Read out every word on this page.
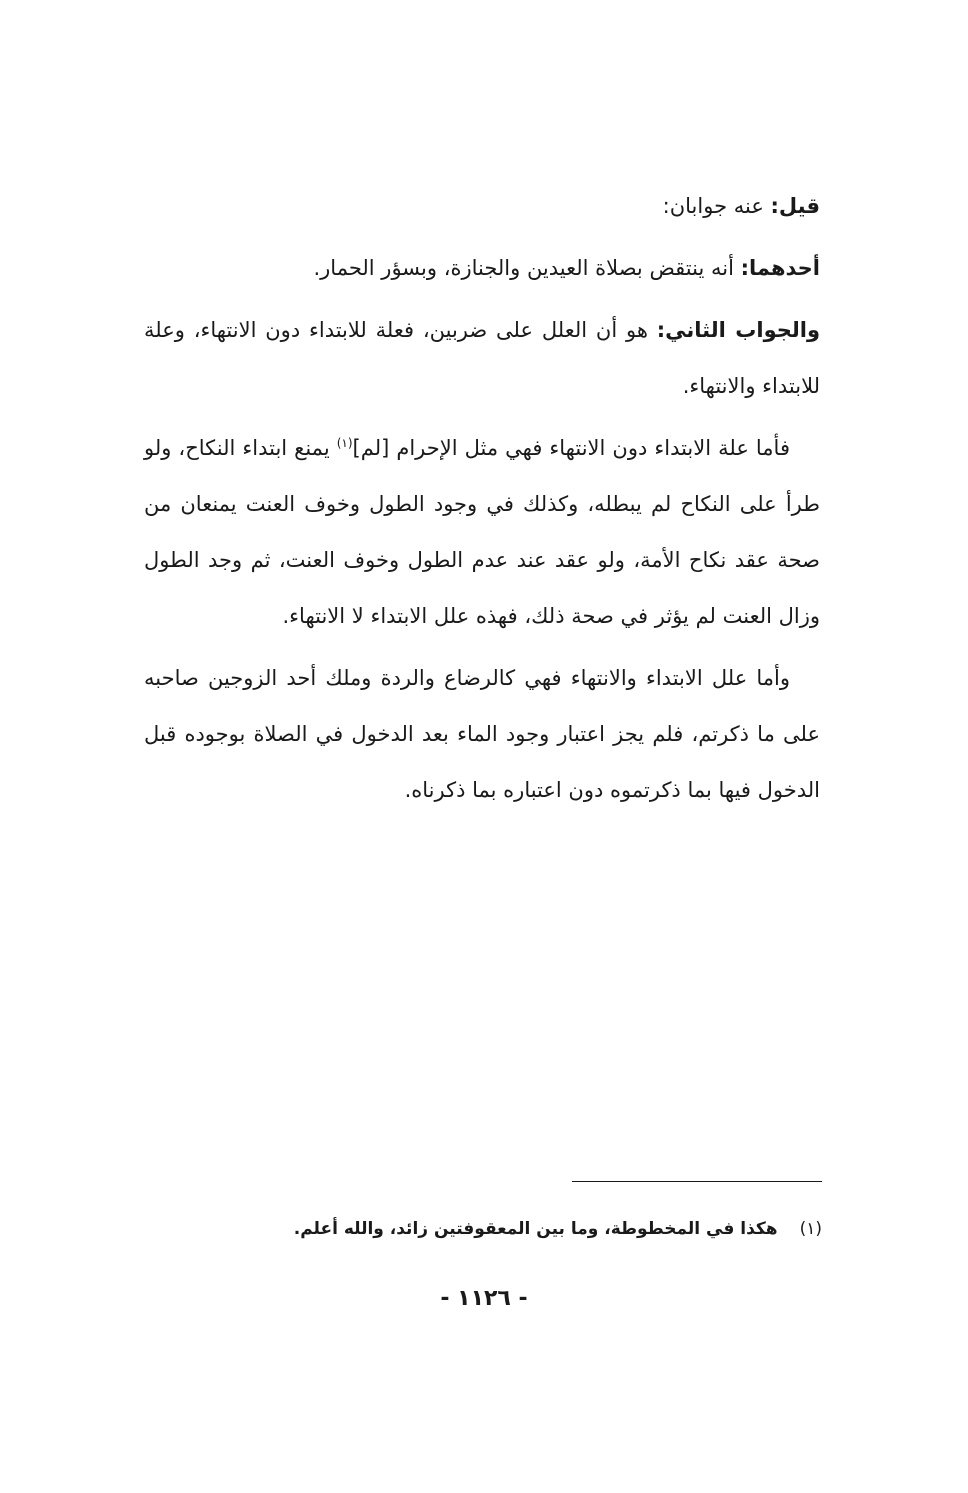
قيل: عنه جوابان:

أحدهما: أنه ينتقض بصلاة العيدين والجنازة، وبسؤر الحمار.

والجواب الثاني: هو أن العلل على ضربين، فعلة للابتداء دون الانتهاء، وعلة للابتداء والانتهاء.

فأما علة الابتداء دون الانتهاء فهي مثل الإحرام [لم]$^{(١)}$ يمنع ابتداء النكاح، ولو طرأ على النكاح لم يبطله، وكذلك في وجود الطول وخوف العنت يمنعان من صحة عقد نكاح الأمة، ولو عقد عند عدم الطول وخوف العنت، ثم وجد الطول وزال العنت لم يؤثر في صحة ذلك، فهذه علل الابتداء لا الانتهاء.

وأما علل الابتداء والانتهاء فهي كالرضاع والردة وملك أحد الزوجين صاحبه على ما ذكرتم، فلم يجز اعتبار وجود الماء بعد الدخول في الصلاة بوجوده قبل الدخول فيها بما ذكرتموه دون اعتباره بما ذكرناه.

(١)هكذا في المخطوطة، وما بين المعقوفتين زائد، والله أعلم.
- ١١٢٦ -
